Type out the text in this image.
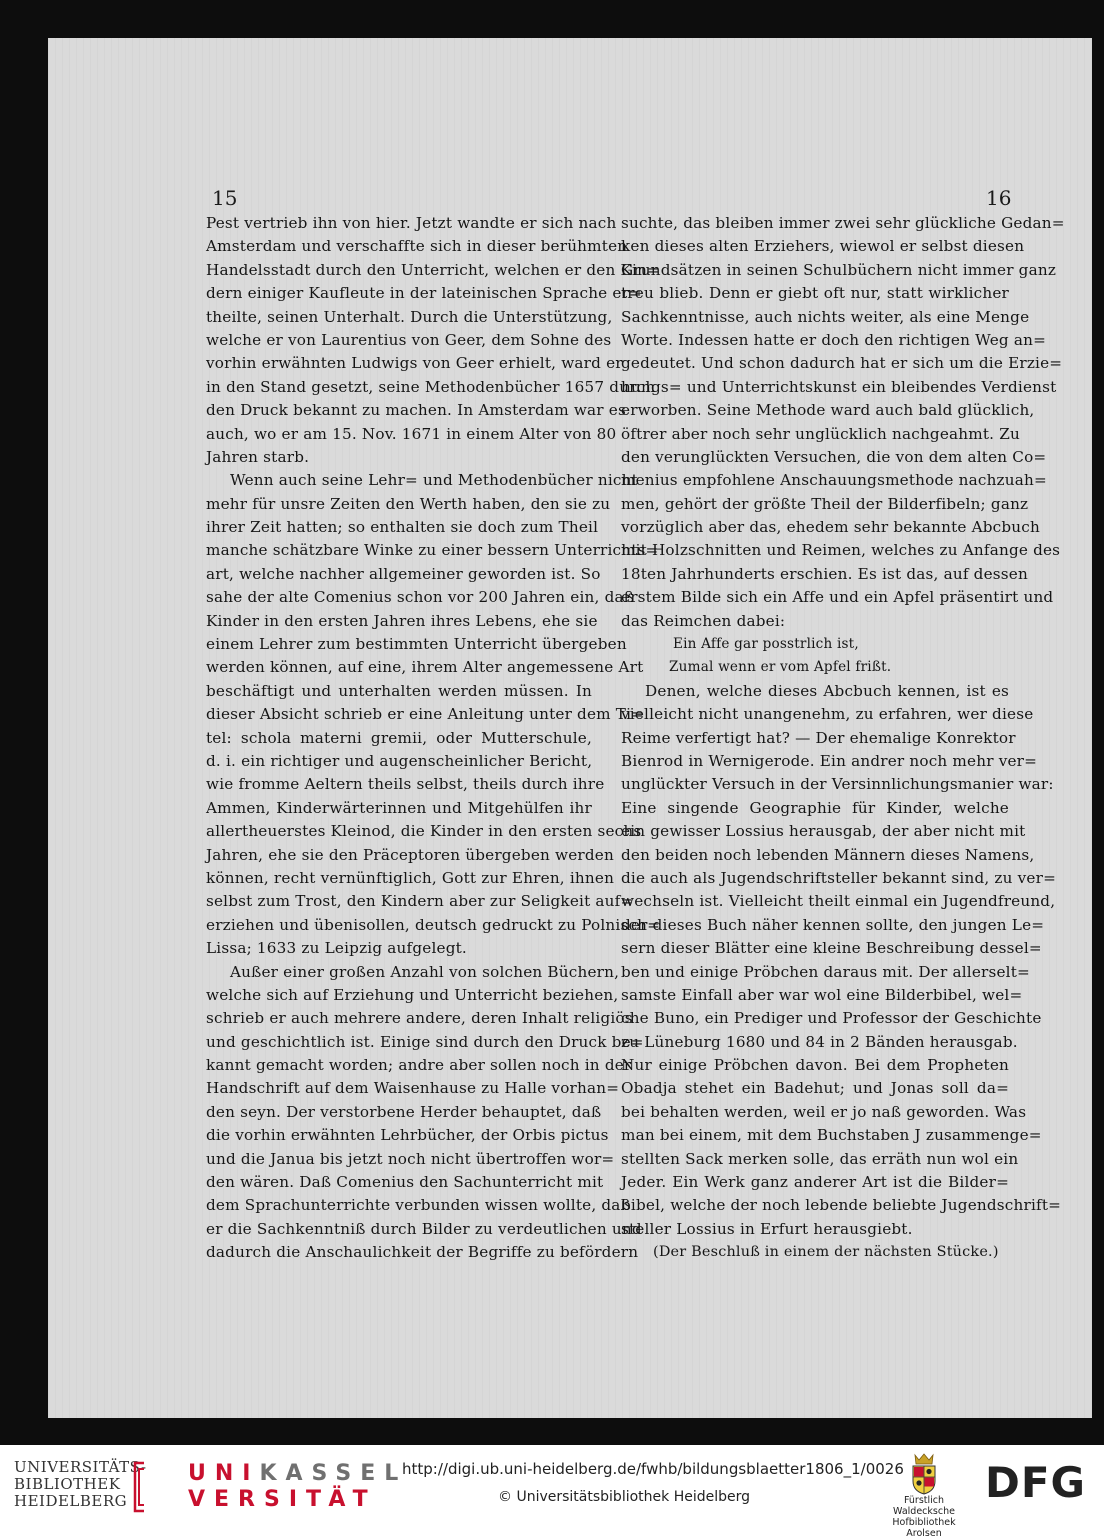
15	16
Pest vertrieb ihn von hier. Jetzt wandte er sich nach
Amsterdam und verschaffte sich in dieser berühmten
Handelsstadt durch den Unterricht, welchen er den Kin=
dern einiger Kaufleute in der lateinischen Sprache er=
theilte, seinen Unterhalt. Durch die Unterstützung,
welche er von Laurentius von Geer, dem Sohne des
vorhin erwähnten Ludwigs von Geer erhielt, ward er
in den Stand gesetzt, seine Methodenbücher 1657 durch
den Druck bekannt zu machen. In Amsterdam war es
auch, wo er am 15. Nov. 1671 in einem Alter von 80
Jahren starb.
Wenn auch seine Lehr= und Methodenbücher nicht
mehr für unsre Zeiten den Werth haben, den sie zu
ihrer Zeit hatten; so enthalten sie doch zum Theil
manche schätzbare Winke zu einer bessern Unterrichts=
art, welche nachher allgemeiner geworden ist. So
sahe der alte Comenius schon vor 200 Jahren ein, daß
Kinder in den ersten Jahren ihres Lebens, ehe sie
einem Lehrer zum bestimmten Unterricht übergeben
werden können, auf eine, ihrem Alter angemessene Art
beschäftigt und unterhalten werden müssen. In
dieser Absicht schrieb er eine Anleitung unter dem Ti=
tel: schola materni gremii, oder Mutterschule,
d. i. ein richtiger und augenscheinlicher Bericht,
wie fromme Aeltern theils selbst, theils durch ihre
Ammen, Kinderwärterinnen und Mitgehülfen ihr
allertheuerstes Kleinod, die Kinder in den ersten sechs
Jahren, ehe sie den Präceptoren übergeben werden
können, recht vernünftiglich, Gott zur Ehren, ihnen
selbst zum Trost, den Kindern aber zur Seligkeit auf=
erziehen und übenisollen, deutsch gedruckt zu Polnisch=
Lissa; 1633 zu Leipzig aufgelegt.
Außer einer großen Anzahl von solchen Büchern,
welche sich auf Erziehung und Unterricht beziehen,
schrieb er auch mehrere andere, deren Inhalt religiös
und geschichtlich ist. Einige sind durch den Druck be=
kannt gemacht worden; andre aber sollen noch in der
Handschrift auf dem Waisenhause zu Halle vorhan=
den seyn. Der verstorbene Herder behauptet, daß
die vorhin erwähnten Lehrbücher, der Orbis pictus
und die Janua bis jetzt noch nicht übertroffen wor=
den wären. Daß Comenius den Sachunterricht mit
dem Sprachunterrichte verbunden wissen wollte, daß
er die Sachkenntniß durch Bilder zu verdeutlichen und
dadurch die Anschaulichkeit der Begriffe zu befördern
suchte, das bleiben immer zwei sehr glückliche Gedan=
ken dieses alten Erziehers, wiewol er selbst diesen
Grundsätzen in seinen Schulbüchern nicht immer ganz
treu blieb. Denn er giebt oft nur, statt wirklicher
Sachkenntnisse, auch nichts weiter, als eine Menge
Worte. Indessen hatte er doch den richtigen Weg an=
gedeutet. Und schon dadurch hat er sich um die Erzie=
hungs= und Unterrichtskunst ein bleibendes Verdienst
erworben. Seine Methode ward auch bald glücklich,
öftrer aber noch sehr unglücklich nachgeahmt. Zu
den verunglückten Versuchen, die von dem alten Co=
menius empfohlene Anschauungsmethode nachzuah=
men, gehört der größte Theil der Bilderfibeln; ganz
vorzüglich aber das, ehedem sehr bekannte Abcbuch
mit Holzschnitten und Reimen, welches zu Anfange des
18ten Jahrhunderts erschien. Es ist das, auf dessen
erstem Bilde sich ein Affe und ein Apfel präsentirt und
das Reimchen dabei:
Ein Affe gar posstrlich ist,
Zumal wenn er vom Apfel frißt.
Denen, welche dieses Abcbuch kennen, ist es
vielleicht nicht unangenehm, zu erfahren, wer diese
Reime verfertigt hat? — Der ehemalige Konrektor
Bienrod in Wernigerode. Ein andrer noch mehr ver=
unglückter Versuch in der Versinnlichungsmanier war:
Eine singende Geographie für Kinder, welche
ein gewisser Lossius herausgab, der aber nicht mit
den beiden noch lebenden Männern dieses Namens,
die auch als Jugendschriftsteller bekannt sind, zu ver=
wechseln ist. Vielleicht theilt einmal ein Jugendfreund,
der dieses Buch näher kennen sollte, den jungen Le=
sern dieser Blätter eine kleine Beschreibung dessel=
ben und einige Pröbchen daraus mit. Der allerselt=
samste Einfall aber war wol eine Bilderbibel, wel=
che Buno, ein Prediger und Professor der Geschichte
zu Lüneburg 1680 und 84 in 2 Bänden herausgab.
Nur einige Pröbchen davon. Bei dem Propheten
Obadja stehet ein Badehut; und Jonas soll da=
bei behalten werden, weil er jo naß geworden. Was
man bei einem, mit dem Buchstaben J zusammenge=
stellten Sack merken solle, das erräth nun wol ein
Jeder. Ein Werk ganz anderer Art ist die Bilder=
bibel, welche der noch lebende beliebte Jugendschrift=
steller Lossius in Erfurt herausgiebt.
(Der Beschluß in einem der nächsten Stücke.)
UNIVERSITÄTS-
BIBLIOTHEK
HEIDELBERG
UNIKASSEL
VERSITÄT
http://digi.ub.uni-heidelberg.de/fwhb/bildungsblaetter1806_1/0026
© Universitätsbibliothek Heidelberg	Fürstlich Waldecksche
Hofbibliothek Arolsen
DFG
